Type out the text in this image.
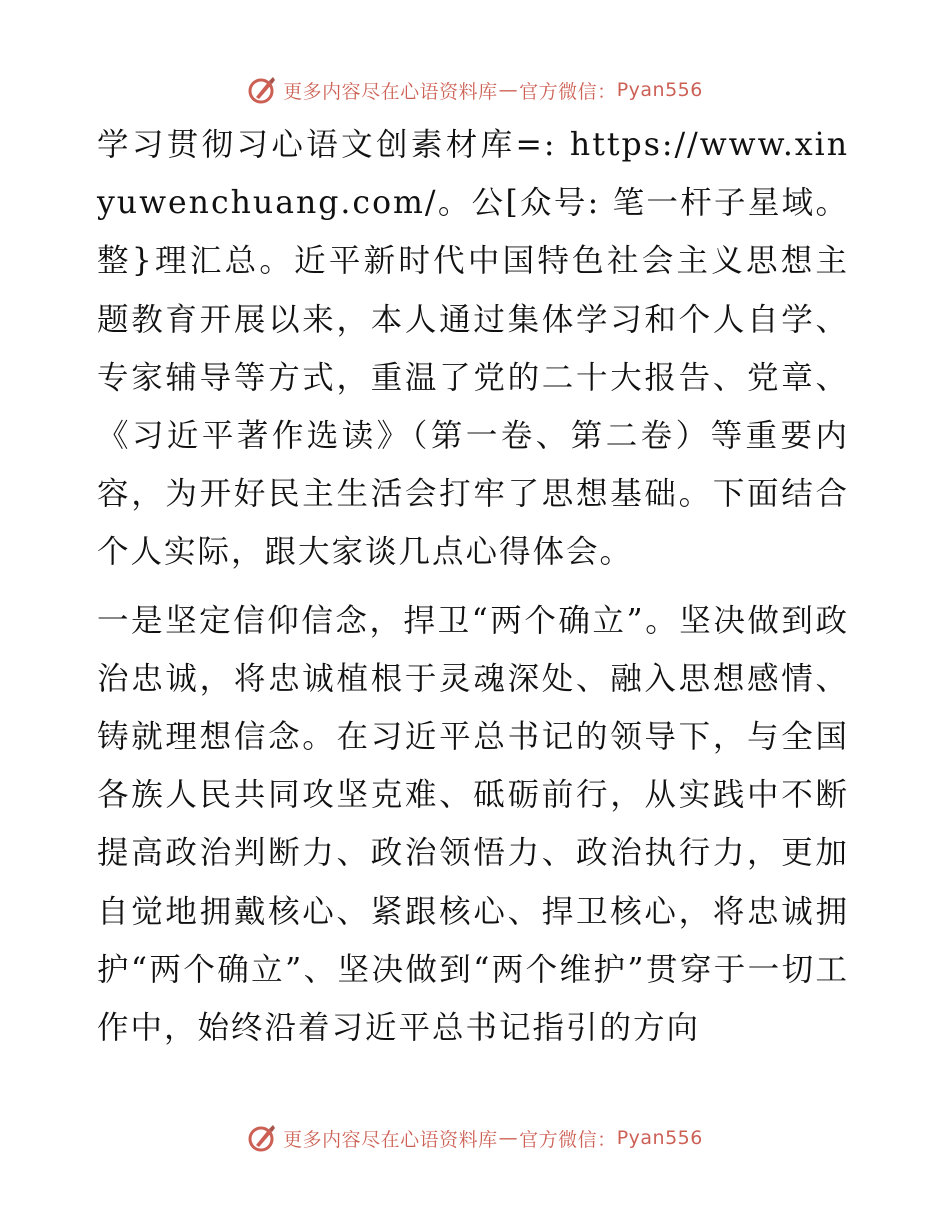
更多内容尽在心语资料库 — 官方微信： Pyan556

学习贯彻习心语文创素材库=: https://www.xinyuwenchuang.com/。公[众号: 笔一杆子星域。整}理汇总。近平新时代中国特色社会主义思想主题教育开展以来，本人通过集体学习和个人自学、专家辅导等方式，重温了党的二十大报告、党章、《习近平著作选读》（第一卷、第二卷）等重要内容，为开好民主生活会打牢了思想基础。下面结合个人实际，跟大家谈几点心得体会。

一是坚定信仰信念，捍卫“两个确立”。坚决做到政治忠诚，将忠诚植根于灵魂深处、融入思想感情、铸就理想信念。在习近平总书记的领导下，与全国各族人民共同攻坚克难、砥砺前行，从实践中不断提高政治判断力、政治领悟力、政治执行力，更加自觉地拥戴核心、紧跟核心、捍卫核心，将忠诚拥护“两个确立”、坚决做到“两个维护”贯穿于一切工作中，始终沿着习近平总书记指引的方向

更多内容尽在心语资料库 — 官方微信： Pyan556
